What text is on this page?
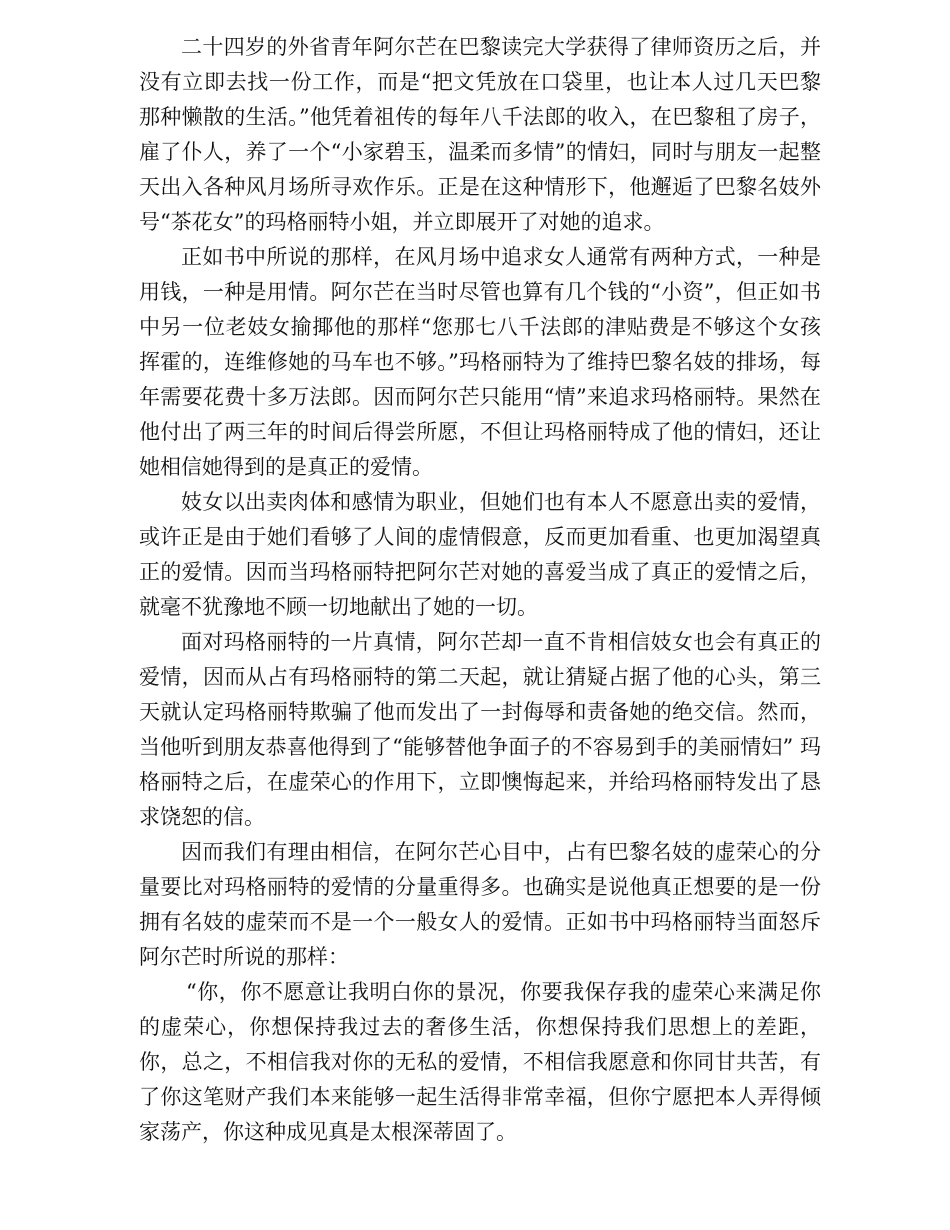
二十四岁的外省青年阿尔芒在巴黎读完大学获得了律师资历之后，并没有立即去找一份工作，而是“把文凭放在口袋里，也让本人过几天巴黎那种懒散的生活。”他凭着祖传的每年八千法郎的收入，在巴黎租了房子，雇了仆人，养了一个“小家碧玉，温柔而多情”的情妇，同时与朋友一起整天出入各种风月场所寻欢作乐。正是在这种情形下，他邂逅了巴黎名妓外号“茶花女”的玛格丽特小姐，并立即展开了对她的追求。

正如书中所说的那样，在风月场中追求女人通常有两种方式，一种是用钱，一种是用情。阿尔芒在当时尽管也算有几个钱的“小资”，但正如书中另一位老妓女揄揶他的那样“您那七八千法郎的津贴费是不够这个女孩挥霍的，连维修她的马车也不够。”玛格丽特为了维持巴黎名妓的排场，每年需要花费十多万法郎。因而阿尔芒只能用“情”来追求玛格丽特。果然在他付出了两三年的时间后得尝所愿，不但让玛格丽特成了他的情妇，还让她相信她得到的是真正的爱情。

妓女以出卖肉体和感情为职业，但她们也有本人不愿意出卖的爱情，或许正是由于她们看够了人间的虚情假意，反而更加看重、也更加渴望真正的爱情。因而当玛格丽特把阿尔芒对她的喜爱当成了真正的爱情之后，就毫不犹豫地不顾一切地献出了她的一切。

面对玛格丽特的一片真情，阿尔芒却一直不肯相信妓女也会有真正的爱情，因而从占有玛格丽特的第二天起，就让猜疑占据了他的心头，第三天就认定玛格丽特欺骗了他而发出了一封侮辱和责备她的绝交信。然而，当他听到朋友恭喜他得到了“能够替他争面子的不容易到手的美丽情妇” 玛格丽特之后，在虚荣心的作用下，立即懊悔起来，并给玛格丽特发出了恳求饶恕的信。

因而我们有理由相信，在阿尔芒心目中，占有巴黎名妓的虚荣心的分量要比对玛格丽特的爱情的分量重得多。也确实是说他真正想要的是一份拥有名妓的虚荣而不是一个一般女人的爱情。正如书中玛格丽特当面怒斥阿尔芒时所说的那样：

“你，你不愿意让我明白你的景况，你要我保存我的虚荣心来满足你的虚荣心，你想保持我过去的奢侈生活，你想保持我们思想上的差距，你，总之，不相信我对你的无私的爱情，不相信我愿意和你同甘共苦，有了你这笔财产我们本来能够一起生活得非常幸福，但你宁愿把本人弄得倾家荡产，你这种成见真是太根深蒂固了。
